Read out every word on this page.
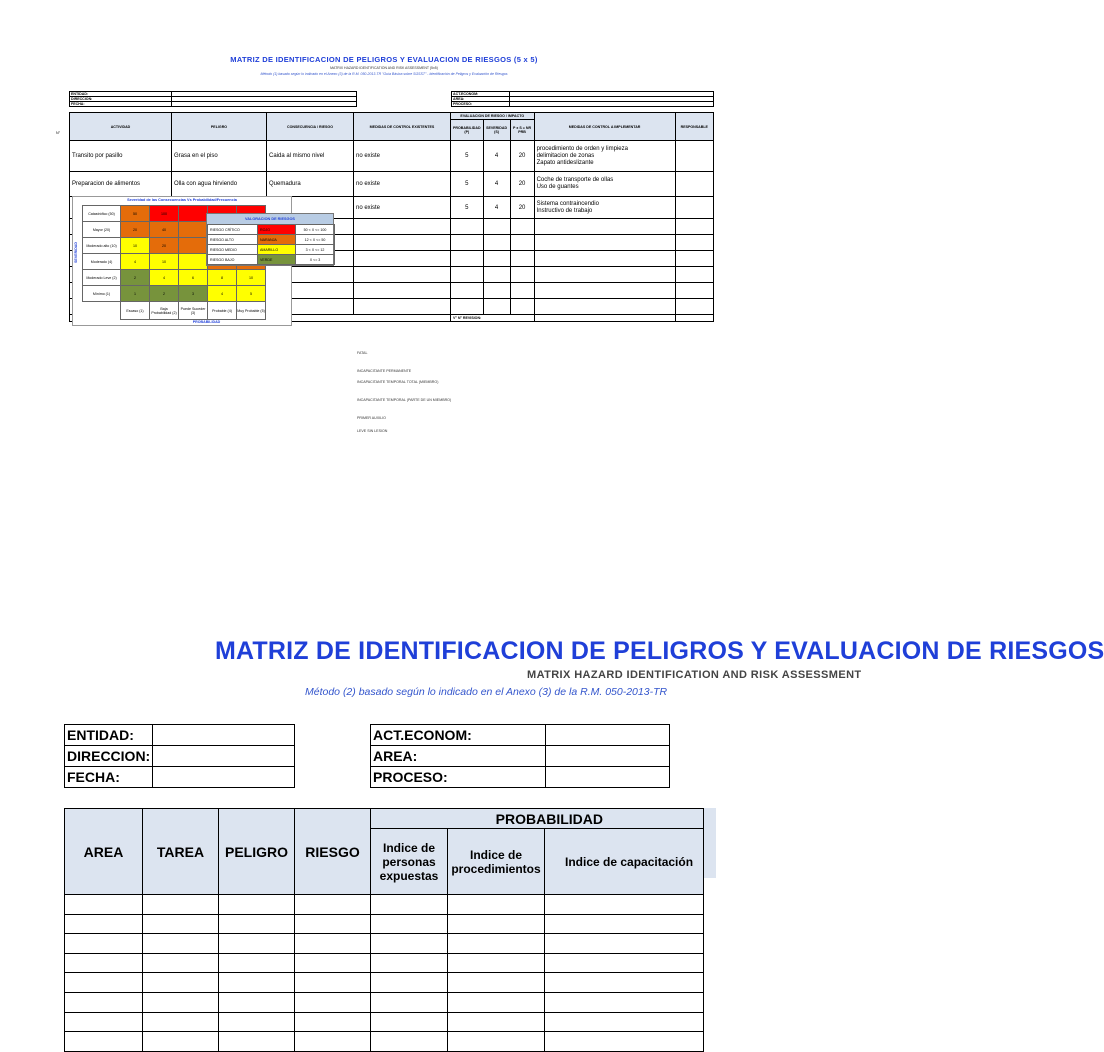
MATRIZ DE IDENTIFICACION DE PELIGROS Y EVALUACION DE RIESGOS (5 x 5)
MATRIX HAZARD IDENTIFICATION AND RISK ASSESSMENT (5x5)
Método (1) basado según lo indicado en el Anexo (3) de la R.M. 050-2013-TR "Guía Básica sobre SGSST" - Identificación de Peligros y Evaluación de Riesgos
ENTIDAD:	
DIRECCION:	
FECHA:	
ACT.ECONOM:	
AREA:	
PROCESO:	
N°
ACTIVIDAD	PELIGRO	CONSECUENCIA / RIESGO	MEDIDAS DE CONTROL EXISTENTES	EVALUACION DE RIESGO / IMPACTO			MEDIDAS DE CONTROL A IMPLEMENTAR	RESPONSABLE
				PROBABILIDAD (P)	SEVERIDAD (S)	P x S = NR PRB		
Transito por pasillo	Grasa en el piso	Caida al mismo nivel	no existe	5	4	20	procedimiento de orden y limpieza
delimitacion de zonas
Zapato antideslizante	
Preparacion de alimentos	Olla con agua hirviendo	Quemadura	no existe	5	4	20	Coche de transporte de ollas
Uso de guantes	
			no existe	5	4	20	Sistema contraincendio
Instructivo de trabajo	

	V° N° REVISION:				
Severidad de las Consecuencias Vs Probabilidad/Frecuencia
SEVERIDAD
Catastrófico (50)	50	100			
Mayor (20)	20	40			
Moderado alto (10)	10	20			
Moderado (4)	4	10			
Moderado Leve (2)	2	4	6	8	10
Mínimo (1)	1	2	3	4	5
	Escaso (1)	Baja Probabilidad (2)	Puede Suceder (3)	Probable (4)	Muy Probable (5)
PROBABILIDAD
VALORACION DE RIESGOS
RIESGO CRÍTICO	ROJO	50 < X <= 100
RIESGO ALTO	NARANJA	12 < X <= 50
RIESGO MEDIO	AMARILLO	3 < X <= 12
RIESGO BAJO	VERDE	X <= 3
FATAL
INCAPACITANTE PERMANENTE
INCAPACITANTE TEMPORAL TOTAL (MIEMBRO)
INCAPACITANTE TEMPORAL (PARTE DE UN MIEMBRO)
PRIMER AUXILIO
LEVE SIN LESION
MATRIZ DE IDENTIFICACION DE PELIGROS Y EVALUACION DE RIESGOS
MATRIX HAZARD IDENTIFICATION AND RISK ASSESSMENT
Método (2) basado según lo indicado en el Anexo (3) de la R.M. 050-2013-TR
ENTIDAD:	
DIRECCION:	
FECHA:	
ACT.ECONOM:	
AREA:	
PROCESO:	
AREA	TAREA	PELIGRO	RIESGO	PROBABILIDAD		
				Indice de personas expuestas	Indice de procedimientos	Indice de capacitación
